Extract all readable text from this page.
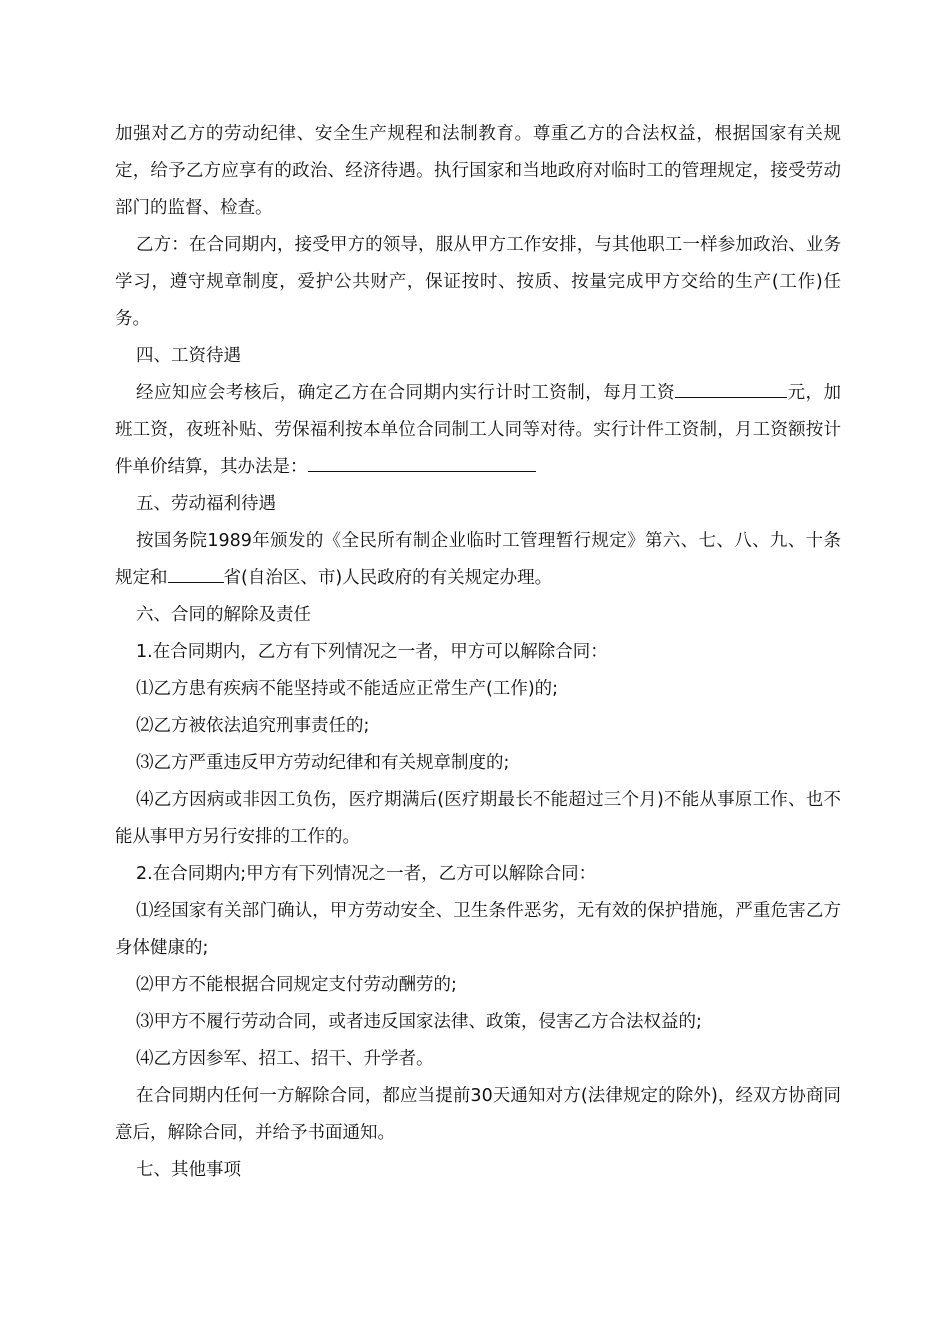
加强对乙方的劳动纪律、安全生产规程和法制教育。尊重乙方的合法权益，根据国家有关规定，给予乙方应享有的政治、经济待遇。执行国家和当地政府对临时工的管理规定，接受劳动部门的监督、检查。

乙方：在合同期内，接受甲方的领导，服从甲方工作安排，与其他职工一样参加政治、业务学习，遵守规章制度，爱护公共财产，保证按时、按质、按量完成甲方交给的生产(工作)任务。

四、工资待遇

经应知应会考核后，确定乙方在合同期内实行计时工资制，每月工资	元，加班工资，夜班补贴、劳保福利按本单位合同制工人同等对待。实行计件工资制，月工资额按计件单价结算，其办法是：

五、劳动福利待遇

按国务院1989年颁发的《全民所有制企业临时工管理暂行规定》第六、七、八、九、十条规定和	省(自治区、市)人民政府的有关规定办理。

六、合同的解除及责任

1.在合同期内，乙方有下列情况之一者，甲方可以解除合同：

⑴乙方患有疾病不能坚持或不能适应正常生产(工作)的;

⑵乙方被依法追究刑事责任的;

⑶乙方严重违反甲方劳动纪律和有关规章制度的;

⑷乙方因病或非因工负伤，医疗期满后(医疗期最长不能超过三个月)不能从事原工作、也不能从事甲方另行安排的工作的。

2.在合同期内;甲方有下列情况之一者，乙方可以解除合同：

⑴经国家有关部门确认，甲方劳动安全、卫生条件恶劣，无有效的保护措施，严重危害乙方身体健康的;

⑵甲方不能根据合同规定支付劳动酬劳的;

⑶甲方不履行劳动合同，或者违反国家法律、政策，侵害乙方合法权益的;

⑷乙方因参军、招工、招干、升学者。

在合同期内任何一方解除合同，都应当提前30天通知对方(法律规定的除外)，经双方协商同意后，解除合同，并给予书面通知。

七、其他事项
